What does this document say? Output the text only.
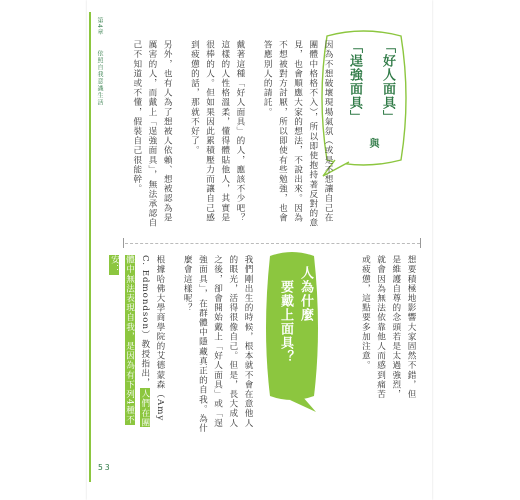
第4章
依照自我意識生活
53
「好人面具」
與
「逞強面具」

因為不想破壞現場氣氛（或是不想讓自己在團體中格格不入），所以即使抱持著反對的意見，也會順應大家的想法，不說出來。因為不想被對方討厭，所以即使有些勉強，也會答應別人的請託。

戴著這種「好人面具」的人，應該不少吧？這樣的人性格溫柔，懂得體貼他人，其實是很棒的人。但如果因此累積壓力而讓自己感到疲憊的話，那就不好了。

另外，也有人為了想被人依賴、想被認為是厲害的人，而戴上「逞強面具」，無法承認自己不知道或不懂，假裝自己很能幹。

想要積極地影響大家固然不錯，但是維護自尊的念頭若是太過強烈，就會因為無法依靠他人而感到痛苦或疲憊，這點要多加注意。

人為什麼
要戴上面具？

我們剛出生的時候，根本就不會在意他人的眼光，活得很像自己。但是，長大成人之後，卻會開始戴上「好人面具」或「逞強面具」，在群體中隱藏真正的自我。為什麼會這樣呢？

根據哈佛大學商學院的艾德蒙森（Amy C. Edmondson）教授指出，人們在團體中無法表現自我，是因為有下列4種不安：
